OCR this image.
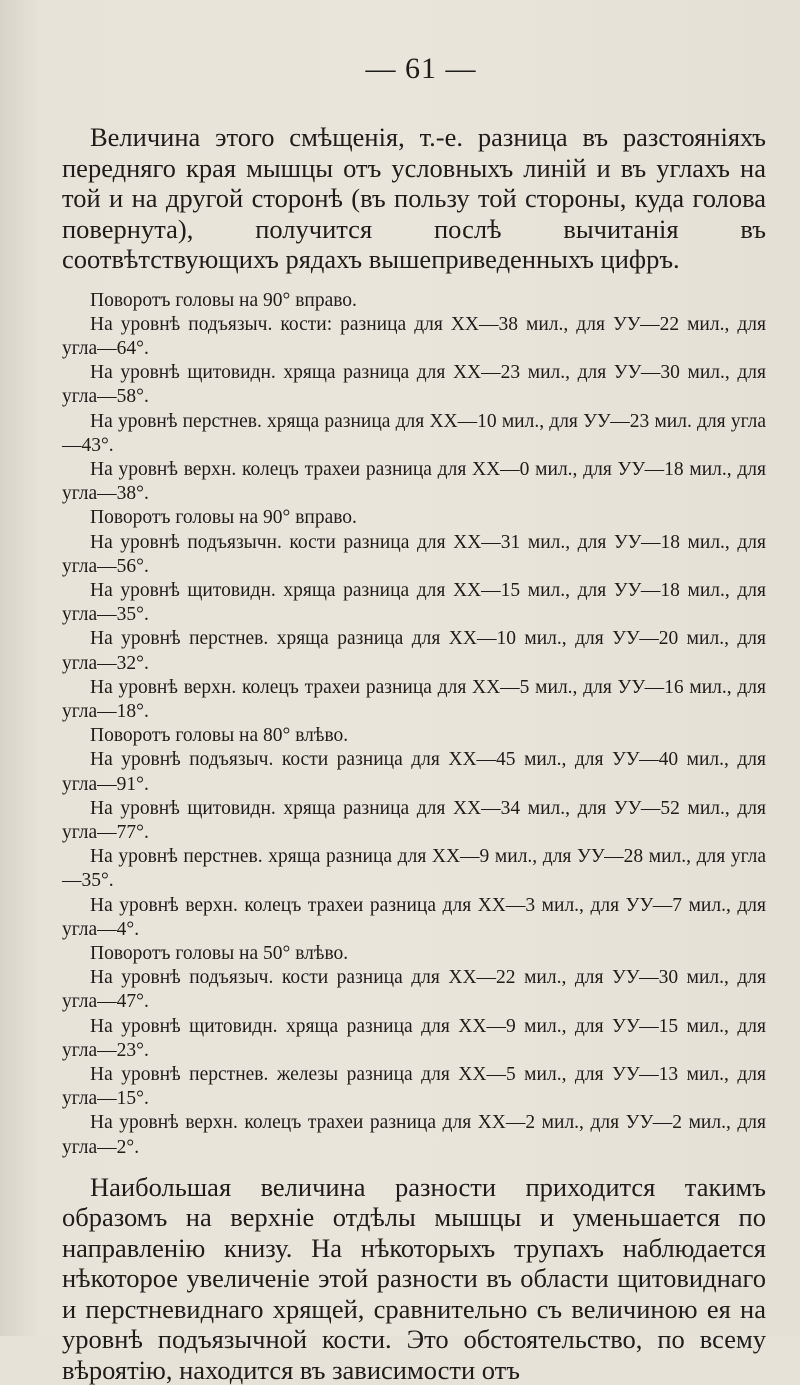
— 61 —

Величина этого смѣщенія, т.-е. разница въ разстояніяхъ передняго края мышцы отъ условныхъ линій и въ углахъ на той и на другой сторонѣ (въ пользу той стороны, куда голова повернута), получится послѣ вычитанія въ соотвѣтствующихъ рядахъ вышеприведенныхъ цифръ.

Поворотъ головы на 90° вправо.

На уровнѣ подъязыч. кости: разница для ХХ—38 мил., для УУ—22 мил., для угла—64°.

На уровнѣ щитовидн. хряща разница для ХХ—23 мил., для УУ—30 мил., для угла—58°.

На уровнѣ перстнев. хряща разница для ХХ—10 мил., для УУ—23 мил. для угла—43°.

На уровнѣ верхн. колецъ трахеи разница для ХХ—0 мил., для УУ—18 мил., для угла—38°.

Поворотъ головы на 90° вправо.

На уровнѣ подъязычн. кости разница для ХХ—31 мил., для УУ—18 мил., для угла—56°.

На уровнѣ щитовидн. хряща разница для ХХ—15 мил., для УУ—18 мил., для угла—35°.

На уровнѣ перстнев. хряща разница для ХХ—10 мил., для УУ—20 мил., для угла—32°.

На уровнѣ верхн. колецъ трахеи разница для ХХ—5 мил., для УУ—16 мил., для угла—18°.

Поворотъ головы на 80° влѣво.

На уровнѣ подъязыч. кости разница для ХХ—45 мил., для УУ—40 мил., для угла—91°.

На уровнѣ щитовидн. хряща разница для ХХ—34 мил., для УУ—52 мил., для угла—77°.

На уровнѣ перстнев. хряща разница для ХХ—9 мил., для УУ—28 мил., для угла—35°.

На уровнѣ верхн. колецъ трахеи разница для ХХ—3 мил., для УУ—7 мил., для угла—4°.

Поворотъ головы на 50° влѣво.

На уровнѣ подъязыч. кости разница для ХХ—22 мил., для УУ—30 мил., для угла—47°.

На уровнѣ щитовидн. хряща разница для ХХ—9 мил., для УУ—15 мил., для угла—23°.

На уровнѣ перстнев. железы разница для ХХ—5 мил., для УУ—13 мил., для угла—15°.

На уровнѣ верхн. колецъ трахеи разница для ХХ—2 мил., для УУ—2 мил., для угла—2°.

Наибольшая величина разности приходится такимъ образомъ на верхніе отдѣлы мышцы и уменьшается по направленію книзу. На нѣкоторыхъ трупахъ наблюдается нѣкоторое увеличеніе этой разности въ области щитовиднаго и перстневиднаго хрящей, сравнительно съ величиною ея на уровнѣ подъязычной кости. Это обстоятельство, по всему вѣроятію, находится въ зависимости отъ
